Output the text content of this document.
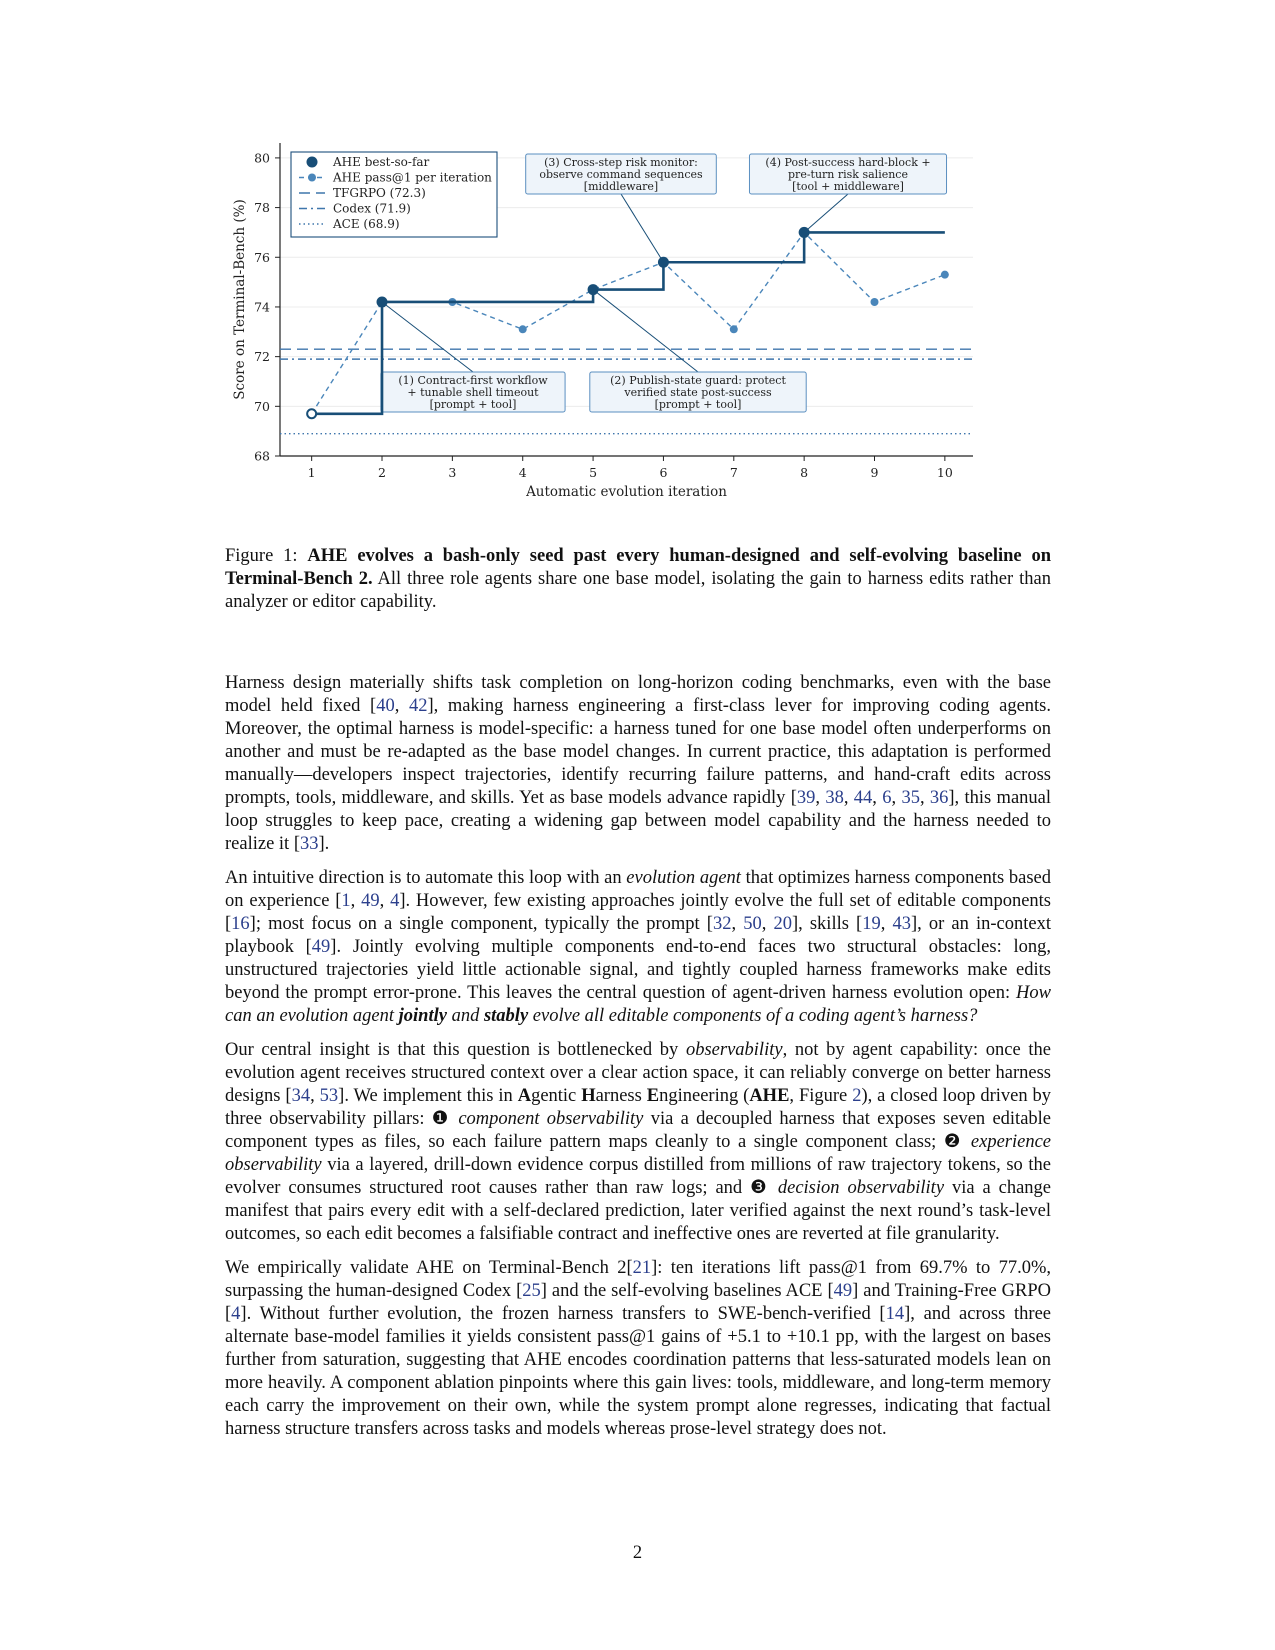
68
70
72
74
76
78
80
1	2	3	4	5	6	7	8	9	10
Automatic evolution iteration
Score on Terminal-Bench (%)	(1) Contract-first workflow
+ tunable shell timeout
[prompt + tool]
(2) Publish-state guard: protect
verified state post-success
[prompt + tool]
(3) Cross-step risk monitor:
observe command sequences
[middleware]
(4) Post-success hard-block +
pre-turn risk salience
[tool + middleware]
AHE best-so-far
AHE pass@1 per iteration
TFGRPO (72.3)
Codex (71.9)
ACE (68.9)
Figure 1: AHE evolves a bash-only seed past every human-designed and self-evolving baseline on Terminal-Bench 2. All three role agents share one base model, isolating the gain to harness edits rather than analyzer or editor capability.

Harness design materially shifts task completion on long-horizon coding benchmarks, even with the base model held fixed [40, 42], making harness engineering a first-class lever for improving coding agents. Moreover, the optimal harness is model-specific: a harness tuned for one base model often underperforms on another and must be re-adapted as the base model changes. In current practice, this adaptation is performed manually—developers inspect trajectories, identify recurring failure patterns, and hand-craft edits across prompts, tools, middleware, and skills. Yet as base models advance rapidly [39, 38, 44, 6, 35, 36], this manual loop struggles to keep pace, creating a widening gap between model capability and the harness needed to realize it [33].

An intuitive direction is to automate this loop with an evolution agent that optimizes harness components based on experience [1, 49, 4]. However, few existing approaches jointly evolve the full set of editable components [16]; most focus on a single component, typically the prompt [32, 50, 20], skills [19, 43], or an in-context playbook [49]. Jointly evolving multiple components end-to-end faces two structural obstacles: long, unstructured trajectories yield little actionable signal, and tightly coupled harness frameworks make edits beyond the prompt error-prone. This leaves the central question of agent-driven harness evolution open: How can an evolution agent jointly and stably evolve all editable components of a coding agent’s harness?

Our central insight is that this question is bottlenecked by observability, not by agent capability: once the evolution agent receives structured context over a clear action space, it can reliably converge on better harness designs [34, 53]. We implement this in Agentic Harness Engineering (AHE, Figure 2), a closed loop driven by three observability pillars: ❶ component observability via a decoupled harness that exposes seven editable component types as files, so each failure pattern maps cleanly to a single component class; ❷ experience observability via a layered, drill-down evidence corpus distilled from millions of raw trajectory tokens, so the evolver consumes structured root causes rather than raw logs; and ❸ decision observability via a change manifest that pairs every edit with a self-declared prediction, later verified against the next round’s task-level outcomes, so each edit becomes a falsifiable contract and ineffective ones are reverted at file granularity.

We empirically validate AHE on Terminal-Bench 2[21]: ten iterations lift pass@1 from 69.7% to 77.0%, surpassing the human-designed Codex [25] and the self-evolving baselines ACE [49] and Training-Free GRPO [4]. Without further evolution, the frozen harness transfers to SWE-bench-verified [14], and across three alternate base-model families it yields consistent pass@1 gains of +5.1 to +10.1 pp, with the largest on bases further from saturation, suggesting that AHE encodes coordination patterns that less-saturated models lean on more heavily. A component ablation pinpoints where this gain lives: tools, middleware, and long-term memory each carry the improvement on their own, while the system prompt alone regresses, indicating that factual harness structure transfers across tasks and models whereas prose-level strategy does not.

2
